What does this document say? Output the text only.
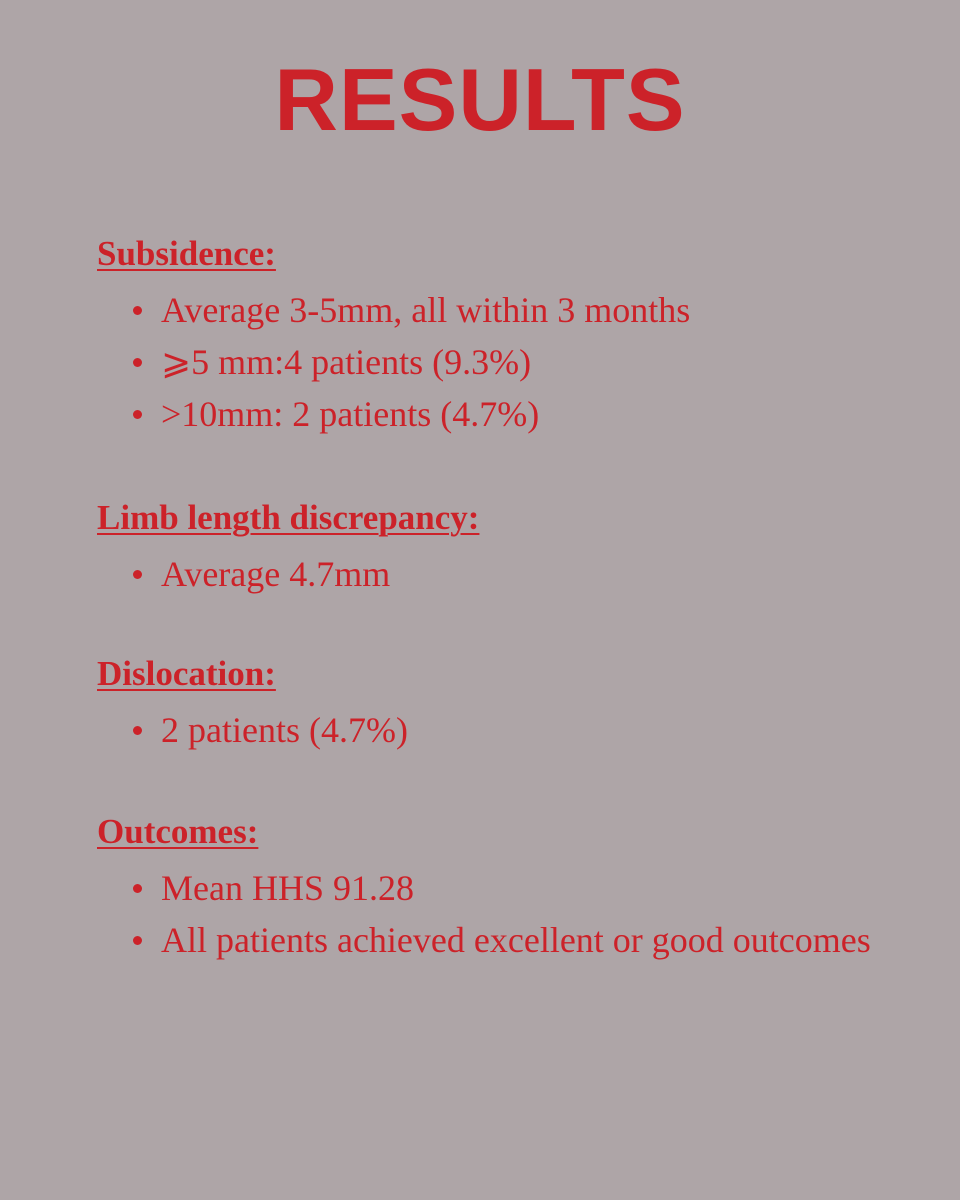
RESULTS
Subsidence:
Average 3-5mm, all within 3 months
⩾5 mm:4 patients (9.3%)
>10mm: 2 patients (4.7%)
Limb length discrepancy:
Average 4.7mm
Dislocation:
2 patients (4.7%)
Outcomes:
Mean HHS 91.28
All patients achieved excellent or good outcomes
